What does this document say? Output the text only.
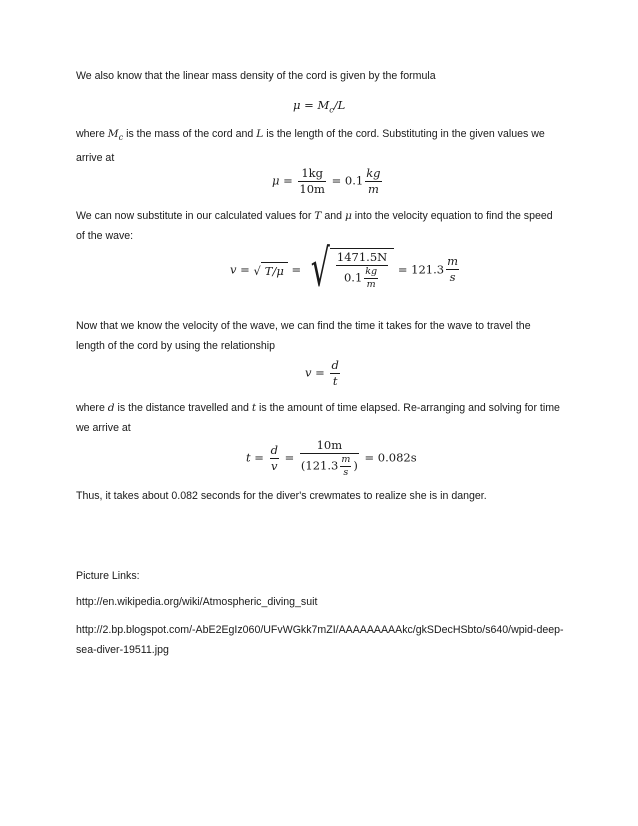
We also know that the linear mass density of the cord is given by the formula
$\mu = M_c/L$
where $M_c$ is the mass of the cord and L is the length of the cord. Substituting in the given values we
arrive at
$\mu = \frac{1kg}{10m} = 0.1 \frac{kg}{m}$
We can now substitute in our calculated values for T and μ into the velocity equation to find the speed
of the wave:
v = √ T/μ = √ $\frac{1471.5N}{0.1 \frac{kg}{m}} = 121.3 \frac{m}{s}$
Now that we know the velocity of the wave, we can find the time it takes for the wave to travel the
length of the cord by using the relationship
$v = \frac{d}{t}$
where d is the distance travelled and t is the amount of time elapsed. Re-arranging and solving for time
we arrive at
$t = \frac{d}{v} = \frac{10m}{(121.3 \frac{m}{s} )} = 0.082s$
Thus, it takes about 0.082 seconds for the diver's crewmates to realize she is in danger.
Picture Links:
http://en.wikipedia.org/wiki/Atmospheric_diving_suit
http://2.bp.blogspot.com/-AbE2EgIz060/UFvWGkk7mZI/AAAAAAAAAkc/gkSDecHSbto/s640/wpid-deep-
sea-diver-19511.jpg
